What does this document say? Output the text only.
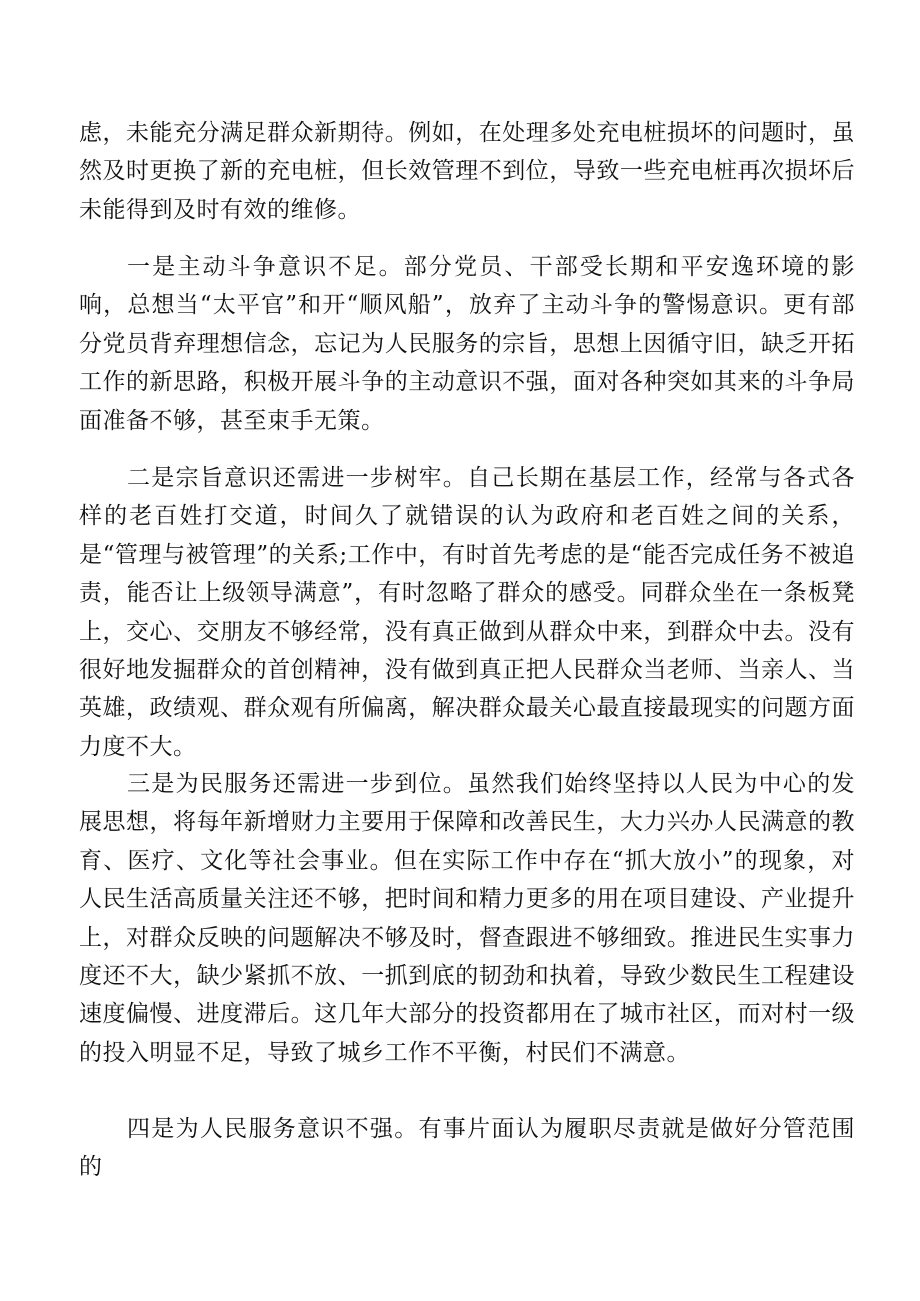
虑，未能充分满足群众新期待。例如，在处理多处充电桩损坏的问题时，虽然及时更换了新的充电桩，但长效管理不到位，导致一些充电桩再次损坏后未能得到及时有效的维修。

一是主动斗争意识不足。部分党员、干部受长期和平安逸环境的影响，总想当“太平官”和开“顺风船”，放弃了主动斗争的警惕意识。更有部分党员背弃理想信念，忘记为人民服务的宗旨，思想上因循守旧，缺乏开拓工作的新思路，积极开展斗争的主动意识不强，面对各种突如其来的斗争局面准备不够，甚至束手无策。

二是宗旨意识还需进一步树牢。自己长期在基层工作，经常与各式各样的老百姓打交道，时间久了就错误的认为政府和老百姓之间的关系，是“管理与被管理”的关系;工作中，有时首先考虑的是“能否完成任务不被追责，能否让上级领导满意”，有时忽略了群众的感受。同群众坐在一条板凳上，交心、交朋友不够经常，没有真正做到从群众中来，到群众中去。没有很好地发掘群众的首创精神，没有做到真正把人民群众当老师、当亲人、当英雄，政绩观、群众观有所偏离，解决群众最关心最直接最现实的问题方面力度不大。

三是为民服务还需进一步到位。虽然我们始终坚持以人民为中心的发展思想，将每年新增财力主要用于保障和改善民生，大力兴办人民满意的教育、医疗、文化等社会事业。但在实际工作中存在“抓大放小”的现象，对人民生活高质量关注还不够，把时间和精力更多的用在项目建设、产业提升上，对群众反映的问题解决不够及时，督查跟进不够细致。推进民生实事力度还不大，缺少紧抓不放、一抓到底的韧劲和执着，导致少数民生工程建设速度偏慢、进度滞后。这几年大部分的投资都用在了城市社区，而对村一级的投入明显不足，导致了城乡工作不平衡，村民们不满意。

四是为人民服务意识不强。有事片面认为履职尽责就是做好分管范围的
